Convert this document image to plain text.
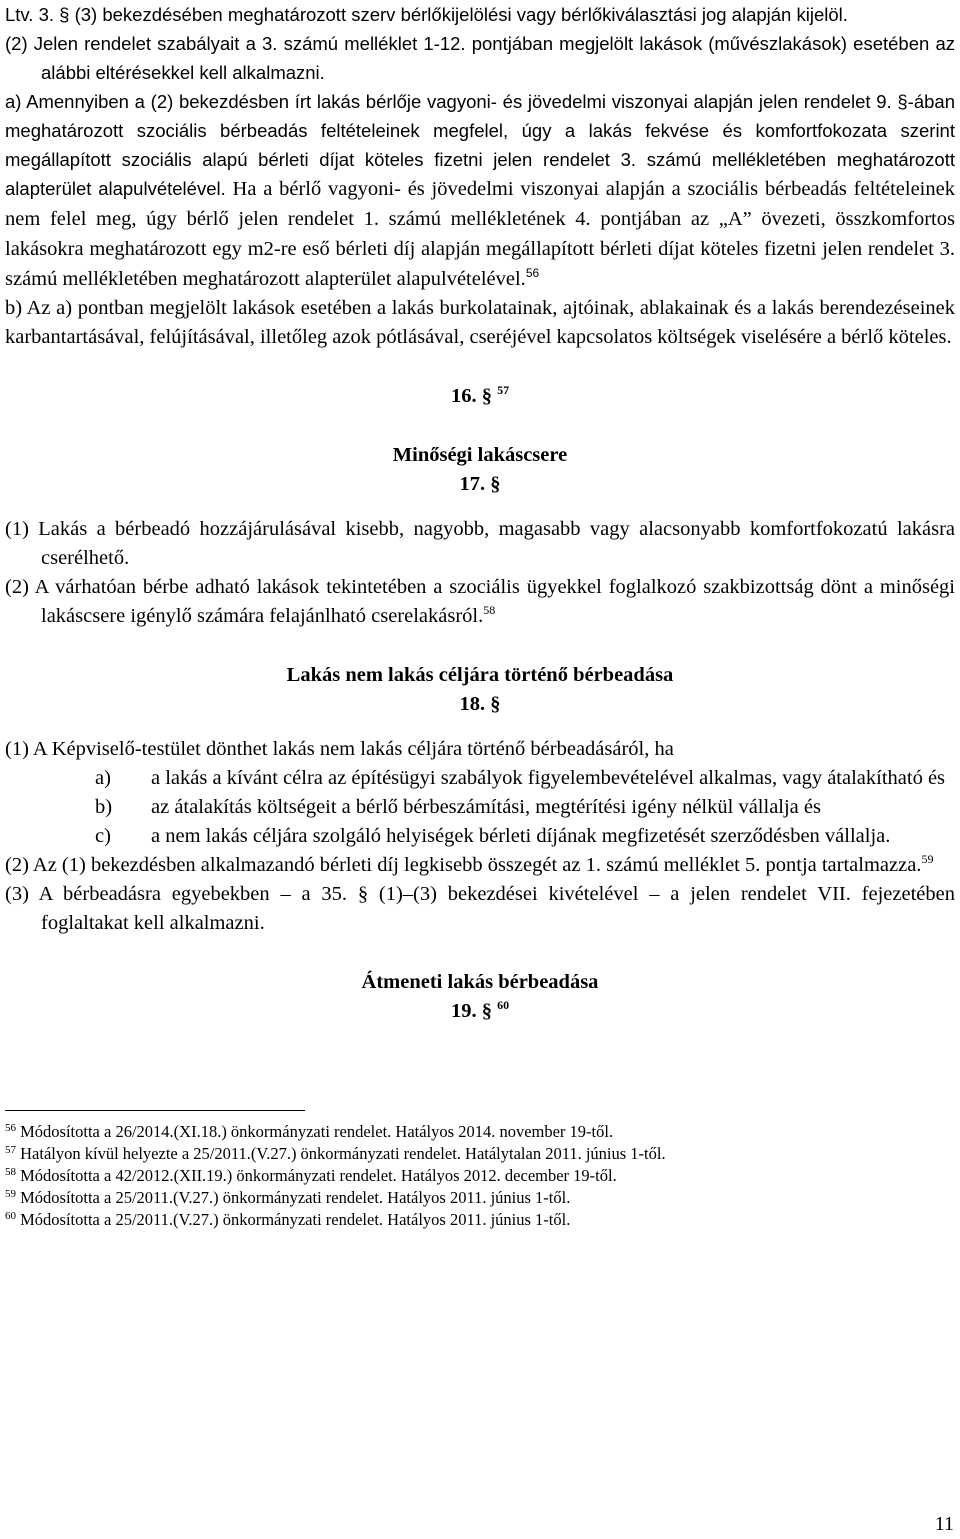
Ltv. 3. § (3) bekezdésében meghatározott szerv bérlőkijelölési vagy bérlőkiválasztási jog alapján kijelöl.

(2) Jelen rendelet szabályait a 3. számú melléklet 1-12. pontjában megjelölt lakások (művészlakások) esetében az alábbi eltérésekkel kell alkalmazni.

a) Amennyiben a (2) bekezdésben írt lakás bérlője vagyoni- és jövedelmi viszonyai alapján jelen rendelet 9. §-ában meghatározott szociális bérbeadás feltételeinek megfelel, úgy a lakás fekvése és komfortfokozata szerint megállapított szociális alapú bérleti díjat köteles fizetni jelen rendelet 3. számú mellékletében meghatározott alapterület alapulvételével. Ha a bérlő vagyoni- és jövedelmi viszonyai alapján a szociális bérbeadás feltételeinek nem felel meg, úgy bérlő jelen rendelet 1. számú mellékletének 4. pontjában az „A” övezeti, összkomfortos lakásokra meghatározott egy m2-re eső bérleti díj alapján megállapított bérleti díjat köteles fizetni jelen rendelet 3. számú mellékletében meghatározott alapterület alapulvételével.$^{56}$

b) Az a) pontban megjelölt lakások esetében a lakás burkolatainak, ajtóinak, ablakainak és a lakás berendezéseinek karbantartásával, felújításával, illetőleg azok pótlásával, cseréjével kapcsolatos költségek viselésére a bérlő köteles.

16. § $^{57}$

Minőségi lakáscsere

17. §

(1) Lakás a bérbeadó hozzájárulásával kisebb, nagyobb, magasabb vagy alacsonyabb komfortfokozatú lakásra cserélhető.

(2) A várhatóan bérbe adható lakások tekintetében a szociális ügyekkel foglalkozó szakbizottság dönt a minőségi lakáscsere igénylő számára felajánlható cserelakásról.$^{58}$

Lakás nem lakás céljára történő bérbeadása

18. §

(1) A Képviselő-testület dönthet lakás nem lakás céljára történő bérbeadásáról, ha

a)	a lakás a kívánt célra az építésügyi szabályok figyelembevételével alkalmas, vagy átalakítható és
b)	az átalakítás költségeit a bérlő bérbeszámítási, megtérítési igény nélkül vállalja és
c)	a nem lakás céljára szolgáló helyiségek bérleti díjának megfizetését szerződésben vállalja.

(2) Az (1) bekezdésben alkalmazandó bérleti díj legkisebb összegét az 1. számú melléklet 5. pontja tartalmazza.$^{59}$

(3) A bérbeadásra egyebekben – a 35. § (1)–(3) bekezdései kivételével – a jelen rendelet VII. fejezetében foglaltakat kell alkalmazni.

Átmeneti lakás bérbeadása

19. § $^{60}$

$^{56}$ Módosította a 26/2014.(XI.18.) önkormányzati rendelet. Hatályos 2014. november 19-től.

$^{57}$ Hatályon kívül helyezte a 25/2011.(V.27.) önkormányzati rendelet. Hatálytalan 2011. június 1-től.

$^{58}$ Módosította a 42/2012.(XII.19.) önkormányzati rendelet. Hatályos 2012. december 19-től.

$^{59}$ Módosította a 25/2011.(V.27.) önkormányzati rendelet. Hatályos 2011. június 1-től.

$^{60}$ Módosította a 25/2011.(V.27.) önkormányzati rendelet. Hatályos 2011. június 1-től.

11
